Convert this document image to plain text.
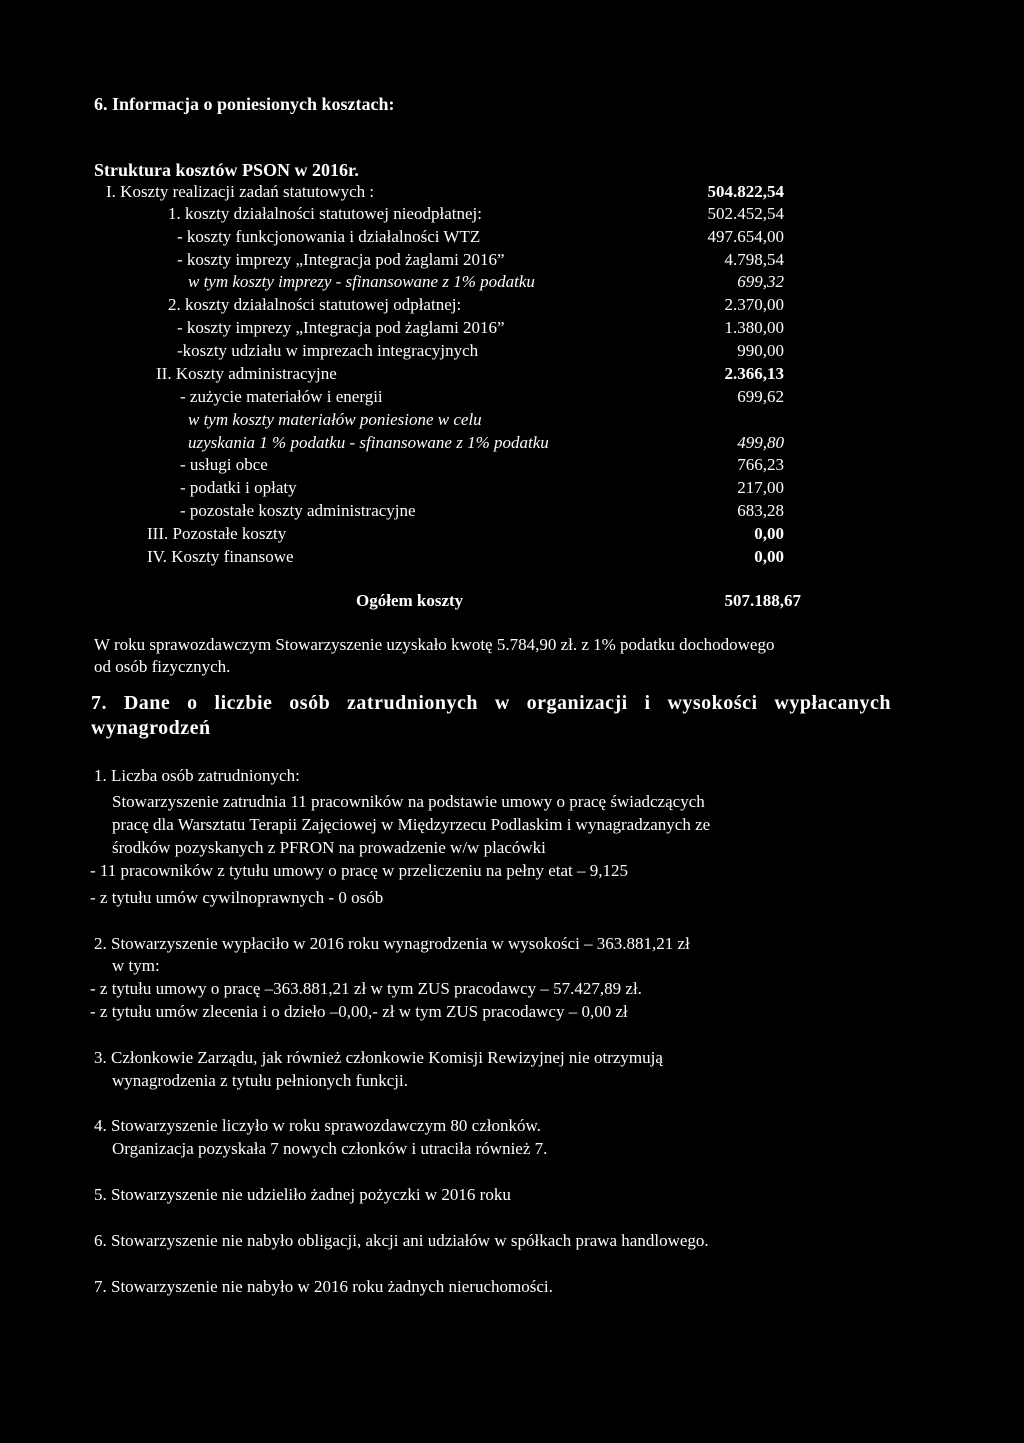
6. Informacja o poniesionych kosztach:
Struktura kosztów PSON w 2016r.
I. Koszty realizacji zadań statutowych :	504.822,54
1. koszty działalności statutowej nieodpłatnej:	502.452,54
- koszty funkcjonowania i działalności WTZ	497.654,00
- koszty imprezy „Integracja pod żaglami 2016”	4.798,54
w tym koszty imprezy - sfinansowane z 1% podatku	699,32
2. koszty działalności statutowej odpłatnej:	2.370,00
- koszty imprezy „Integracja pod żaglami 2016”	1.380,00
-koszty udziału w imprezach integracyjnych	990,00
II. Koszty administracyjne	2.366,13
- zużycie materiałów i energii	699,62
w tym koszty materiałów poniesione w celu
uzyskania 1 % podatku - sfinansowane z 1% podatku	499,80
- usługi obce	766,23
- podatki i opłaty	217,00
- pozostałe koszty administracyjne	683,28
III. Pozostałe koszty	0,00
IV. Koszty finansowe	0,00
Ogółem koszty	507.188,67
W roku sprawozdawczym Stowarzyszenie uzyskało kwotę 5.784,90 zł. z 1% podatku dochodowego
od osób fizycznych.
7. Dane o liczbie osób zatrudnionych w organizacji i wysokości wypłacanych wynagrodzeń
1. Liczba osób zatrudnionych:
Stowarzyszenie zatrudnia 11 pracowników na podstawie umowy o pracę świadczących
pracę dla Warsztatu Terapii Zajęciowej w Międzyrzecu Podlaskim i wynagradzanych ze
środków pozyskanych z PFRON na prowadzenie w/w placówki
- 11 pracowników z tytułu umowy o pracę w przeliczeniu na pełny etat – 9,125
- z tytułu umów cywilnoprawnych - 0 osób
2. Stowarzyszenie wypłaciło w 2016 roku wynagrodzenia w wysokości – 363.881,21 zł
w tym:
- z tytułu umowy o pracę –363.881,21 zł w tym ZUS pracodawcy – 57.427,89 zł.
- z tytułu umów zlecenia i o dzieło –0,00,- zł w tym ZUS pracodawcy – 0,00 zł
3. Członkowie Zarządu, jak również członkowie Komisji Rewizyjnej nie otrzymują
wynagrodzenia z tytułu pełnionych funkcji.
4. Stowarzyszenie liczyło w roku sprawozdawczym 80 członków.
Organizacja pozyskała 7 nowych członków i utraciła również 7.
5. Stowarzyszenie nie udzieliło żadnej pożyczki w 2016 roku
6. Stowarzyszenie nie nabyło obligacji, akcji ani udziałów w spółkach prawa handlowego.
7. Stowarzyszenie nie nabyło w 2016 roku żadnych nieruchomości.
